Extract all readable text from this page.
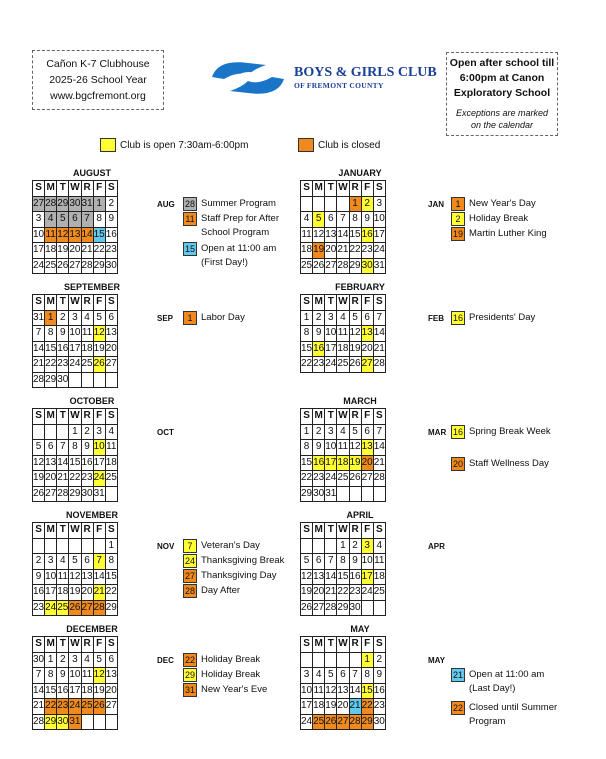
Cañon K-7 Clubhouse
2025-26 School Year
www.bgcfremont.org
BOYS & GIRLS CLUB
OF FREMONT COUNTY
Open after school till
6:00pm at Canon
Exploratory School
Exceptions are marked
on the calendar
Club is open 7:30am-6:00pm	Club is closed
AUGUST
S	M	T	W	R	F	S
27	28	29	30	31	1	2
3	4	5	6	7	8	9
10	11	12	13	14	15	16
17	18	19	20	21	22	23
24	25	26	27	28	29	30
AUG 28 Summer Program
11 Staff Prep for After School Program
15 Open at 11:00 am (First Day!)
JANUARY
S	M	T	W	R	F	S
				1	2	3
4	5	6	7	8	9	10
11	12	13	14	15	16	17
18	19	20	21	22	23	24
25	26	27	28	29	30	31
JAN	1 New Year's Day
2 Holiday Break
19 Martin Luther King
SEPTEMBER
S	M	T	W	R	F	S
31	1	2	3	4	5	6
7	8	9	10	11	12	13
14	15	16	17	18	19	20
21	22	23	24	25	26	27
28	29	30				
SEP	1 Labor Day
FEBRUARY
S	M	T	W	R	F	S
1	2	3	4	5	6	7
8	9	10	11	12	13	14
15	16	17	18	19	20	21
22	23	24	25	26	27	28
FEB 16 Presidents' Day
OCTOBER
S	M	T	W	R	F	S
			1	2	3	4
5	6	7	8	9	10	11
12	13	14	15	16	17	18
19	20	21	22	23	24	25
26	27	28	29	30	31	
OCT
MARCH
S	M	T	W	R	F	S
1	2	3	4	5	6	7
8	9	10	11	12	13	14
15	16	17	18	19	20	21
22	23	24	25	26	27	28
29	30	31				
MAR 16 Spring Break Week
20 Staff Wellness Day
NOVEMBER
S	M	T	W	R	F	S
						1
2	3	4	5	6	7	8
9	10	11	12	13	14	15
16	17	18	19	20	21	22
23	24	25	26	27	28	29
NOV	7 Veteran's Day
24 Thanksgiving Break
27 Thanksgiving Day
28 Day After
APRIL
S	M	T	W	R	F	S
			1	2	3	4
5	6	7	8	9	10	11
12	13	14	15	16	17	18
19	20	21	22	23	24	25
26	27	28	29	30		
APR
DECEMBER
S	M	T	W	R	F	S
30	1	2	3	4	5	6
7	8	9	10	11	12	13
14	15	16	17	18	19	20
21	22	23	24	25	26	27
28	29	30	31			
DEC 22 Holiday Break
29 Holiday Break
31 New Year's Eve
MAY
S	M	T	W	R	F	S
					1	2
3	4	5	6	7	8	9
10	11	12	13	14	15	16
17	18	19	20	21	22	23
24	25	26	27	28	29	30
MAY
21 Open at 11:00 am (Last Day!)
22 Closed until Summer Program
